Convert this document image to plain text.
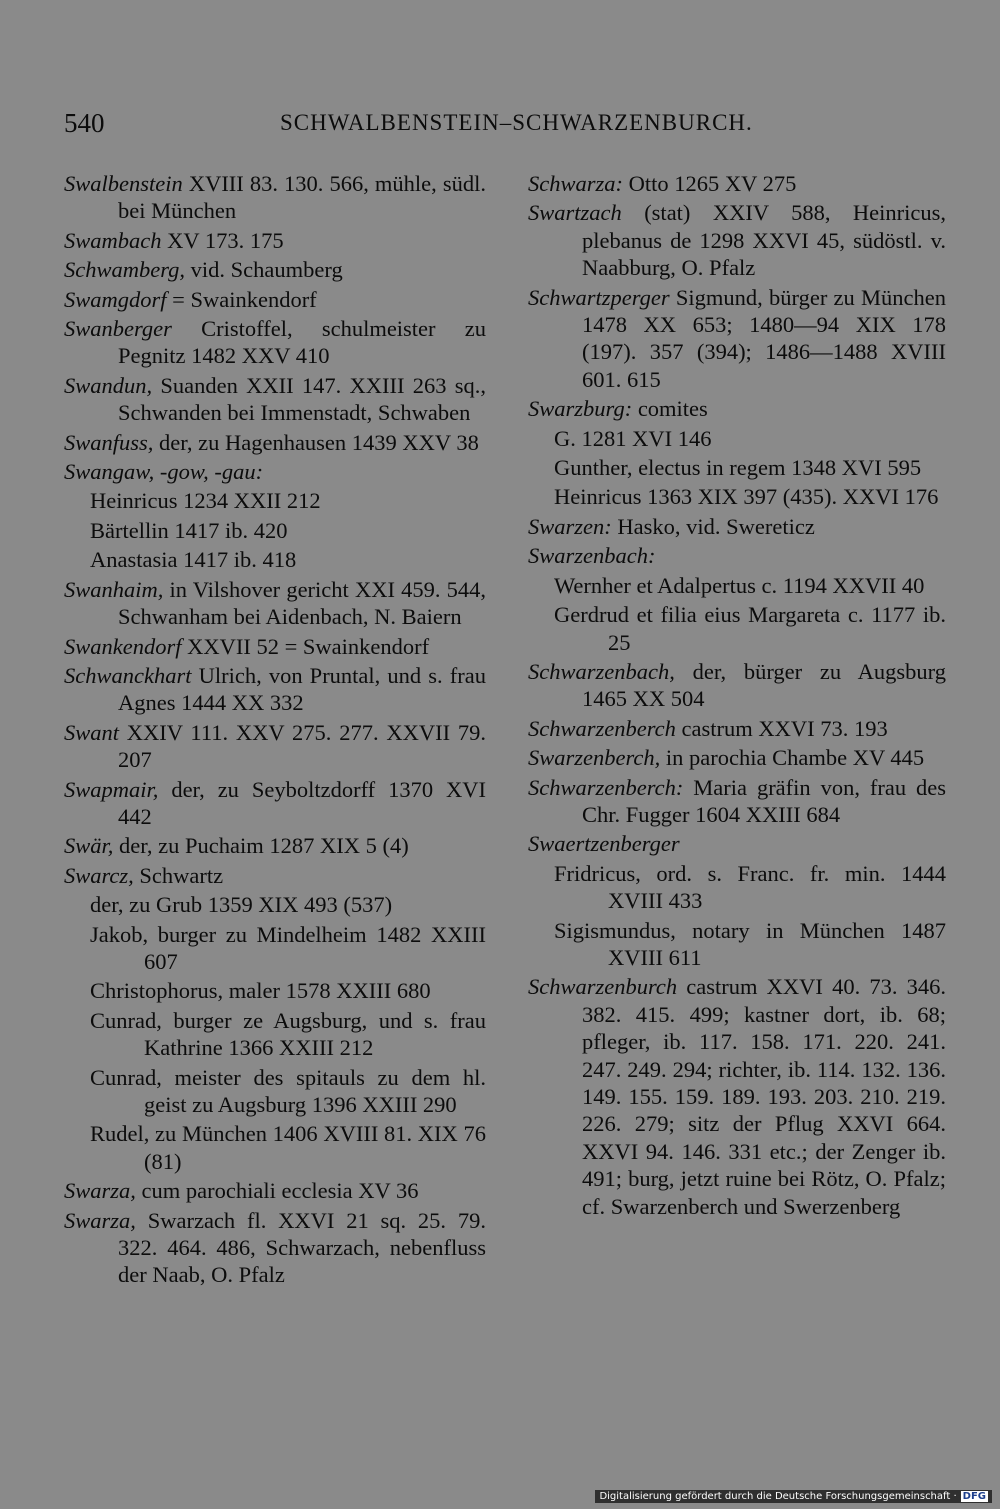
540	SCHWALBENSTEIN–SCHWARZENBURCH.
Swalbenstein XVIII 83. 130. 566, mühle, südl. bei München
Swambach XV 173. 175
Schwamberg, vid. Schaumberg
Swamgdorf = Swainkendorf
Swanberger Cristoffel, schulmeister zu Pegnitz 1482 XXV 410
Swandun, Suanden XXII 147. XXIII 263 sq., Schwanden bei Immenstadt, Schwaben
Swanfuss, der, zu Hagenhausen 1439 XXV 38
Swangaw, -gow, -gau:
Heinricus 1234 XXII 212
Bärtellin 1417 ib. 420
Anastasia 1417 ib. 418
Swanhaim, in Vilshover gericht XXI 459. 544, Schwanham bei Aidenbach, N. Baiern
Swankendorf XXVII 52 = Swainkendorf
Schwanckhart Ulrich, von Pruntal, und s. frau Agnes 1444 XX 332
Swant XXIV 111. XXV 275. 277. XXVII 79. 207
Swapmair, der, zu Seyboltzdorff 1370 XVI 442
Swär, der, zu Puchaim 1287 XIX 5 (4)
Swarcz, Schwartz
der, zu Grub 1359 XIX 493 (537)
Jakob, burger zu Mindelheim 1482 XXIII 607
Christophorus, maler 1578 XXIII 680
Cunrad, burger ze Augsburg, und s. frau Kathrine 1366 XXIII 212
Cunrad, meister des spitauls zu dem hl. geist zu Augsburg 1396 XXIII 290
Rudel, zu München 1406 XVIII 81. XIX 76 (81)
Swarza, cum parochiali ecclesia XV 36
Swarza, Swarzach fl. XXVI 21 sq. 25. 79. 322. 464. 486, Schwarzach, nebenfluss der Naab, O. Pfalz
Schwarza: Otto 1265 XV 275
Swartzach (stat) XXIV 588, Heinricus, plebanus de 1298 XXVI 45, südöstl. v. Naabburg, O. Pfalz
Schwartzperger Sigmund, bürger zu München 1478 XX 653; 1480—94 XIX 178 (197). 357 (394); 1486—1488 XVIII 601. 615
Swarzburg: comites
G. 1281 XVI 146
Gunther, electus in regem 1348 XVI 595
Heinricus 1363 XIX 397 (435). XXVI 176
Swarzen: Hasko, vid. Swereticz
Swarzenbach:
Wernher et Adalpertus c. 1194 XXVII 40
Gerdrud et filia eius Margareta c. 1177 ib. 25
Schwarzenbach, der, bürger zu Augsburg 1465 XX 504
Schwarzenberch castrum XXVI 73. 193
Swarzenberch, in parochia Chambe XV 445
Schwarzenberch: Maria gräfin von, frau des Chr. Fugger 1604 XXIII 684
Swaertzenberger
Fridricus, ord. s. Franc. fr. min. 1444 XVIII 433
Sigismundus, notary in München 1487 XVIII 611
Schwarzenburch castrum XXVI 40. 73. 346. 382. 415. 499; kastner dort, ib. 68; pfleger, ib. 117. 158. 171. 220. 241. 247. 249. 294; richter, ib. 114. 132. 136. 149. 155. 159. 189. 193. 203. 210. 219. 226. 279; sitz der Pflug XXVI 664. XXVI 94. 146. 331 etc.; der Zenger ib. 491; burg, jetzt ruine bei Rötz, O. Pfalz; cf. Swarzenberch und Swerzenberg
Digitalisierung gefördert durch die Deutsche Forschungsgemeinschaft · DFG
